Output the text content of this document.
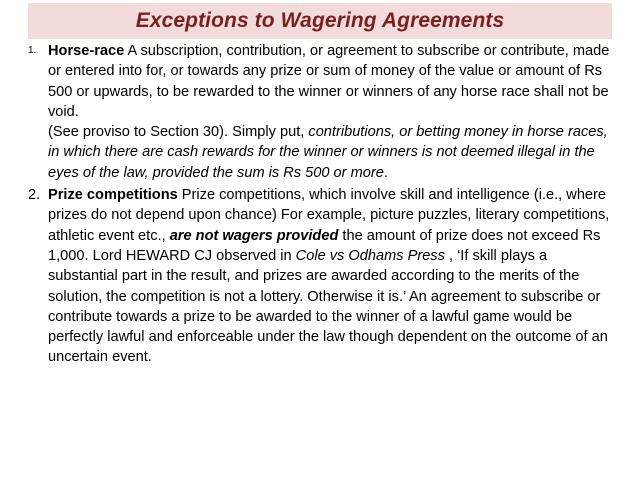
Exceptions to Wagering Agreements
1. Horse-race A subscription, contribution, or agreement to subscribe or contribute, made or entered into for, or towards any prize or sum of money of the value or amount of Rs 500 or upwards, to be rewarded to the winner or winners of any horse race shall not be void.

(See proviso to Section 30). Simply put, contributions, or betting money in horse races, in which there are cash rewards for the winner or winners is not deemed illegal in the eyes of the law, provided the sum is Rs 500 or more.

2. Prize competitions Prize competitions, which involve skill and intelligence (i.e., where prizes do not depend upon chance) For example, picture puzzles, literary competitions, athletic event etc., are not wagers provided the amount of prize does not exceed Rs 1,000. Lord HEWARD CJ observed in Cole vs Odhams Press , ‘If skill plays a substantial part in the result, and prizes are awarded according to the merits of the solution, the competition is not a lottery. Otherwise it is.’ An agreement to subscribe or contribute towards a prize to be awarded to the winner of a lawful game would be perfectly lawful and enforceable under the law though dependent on the outcome of an uncertain event.
